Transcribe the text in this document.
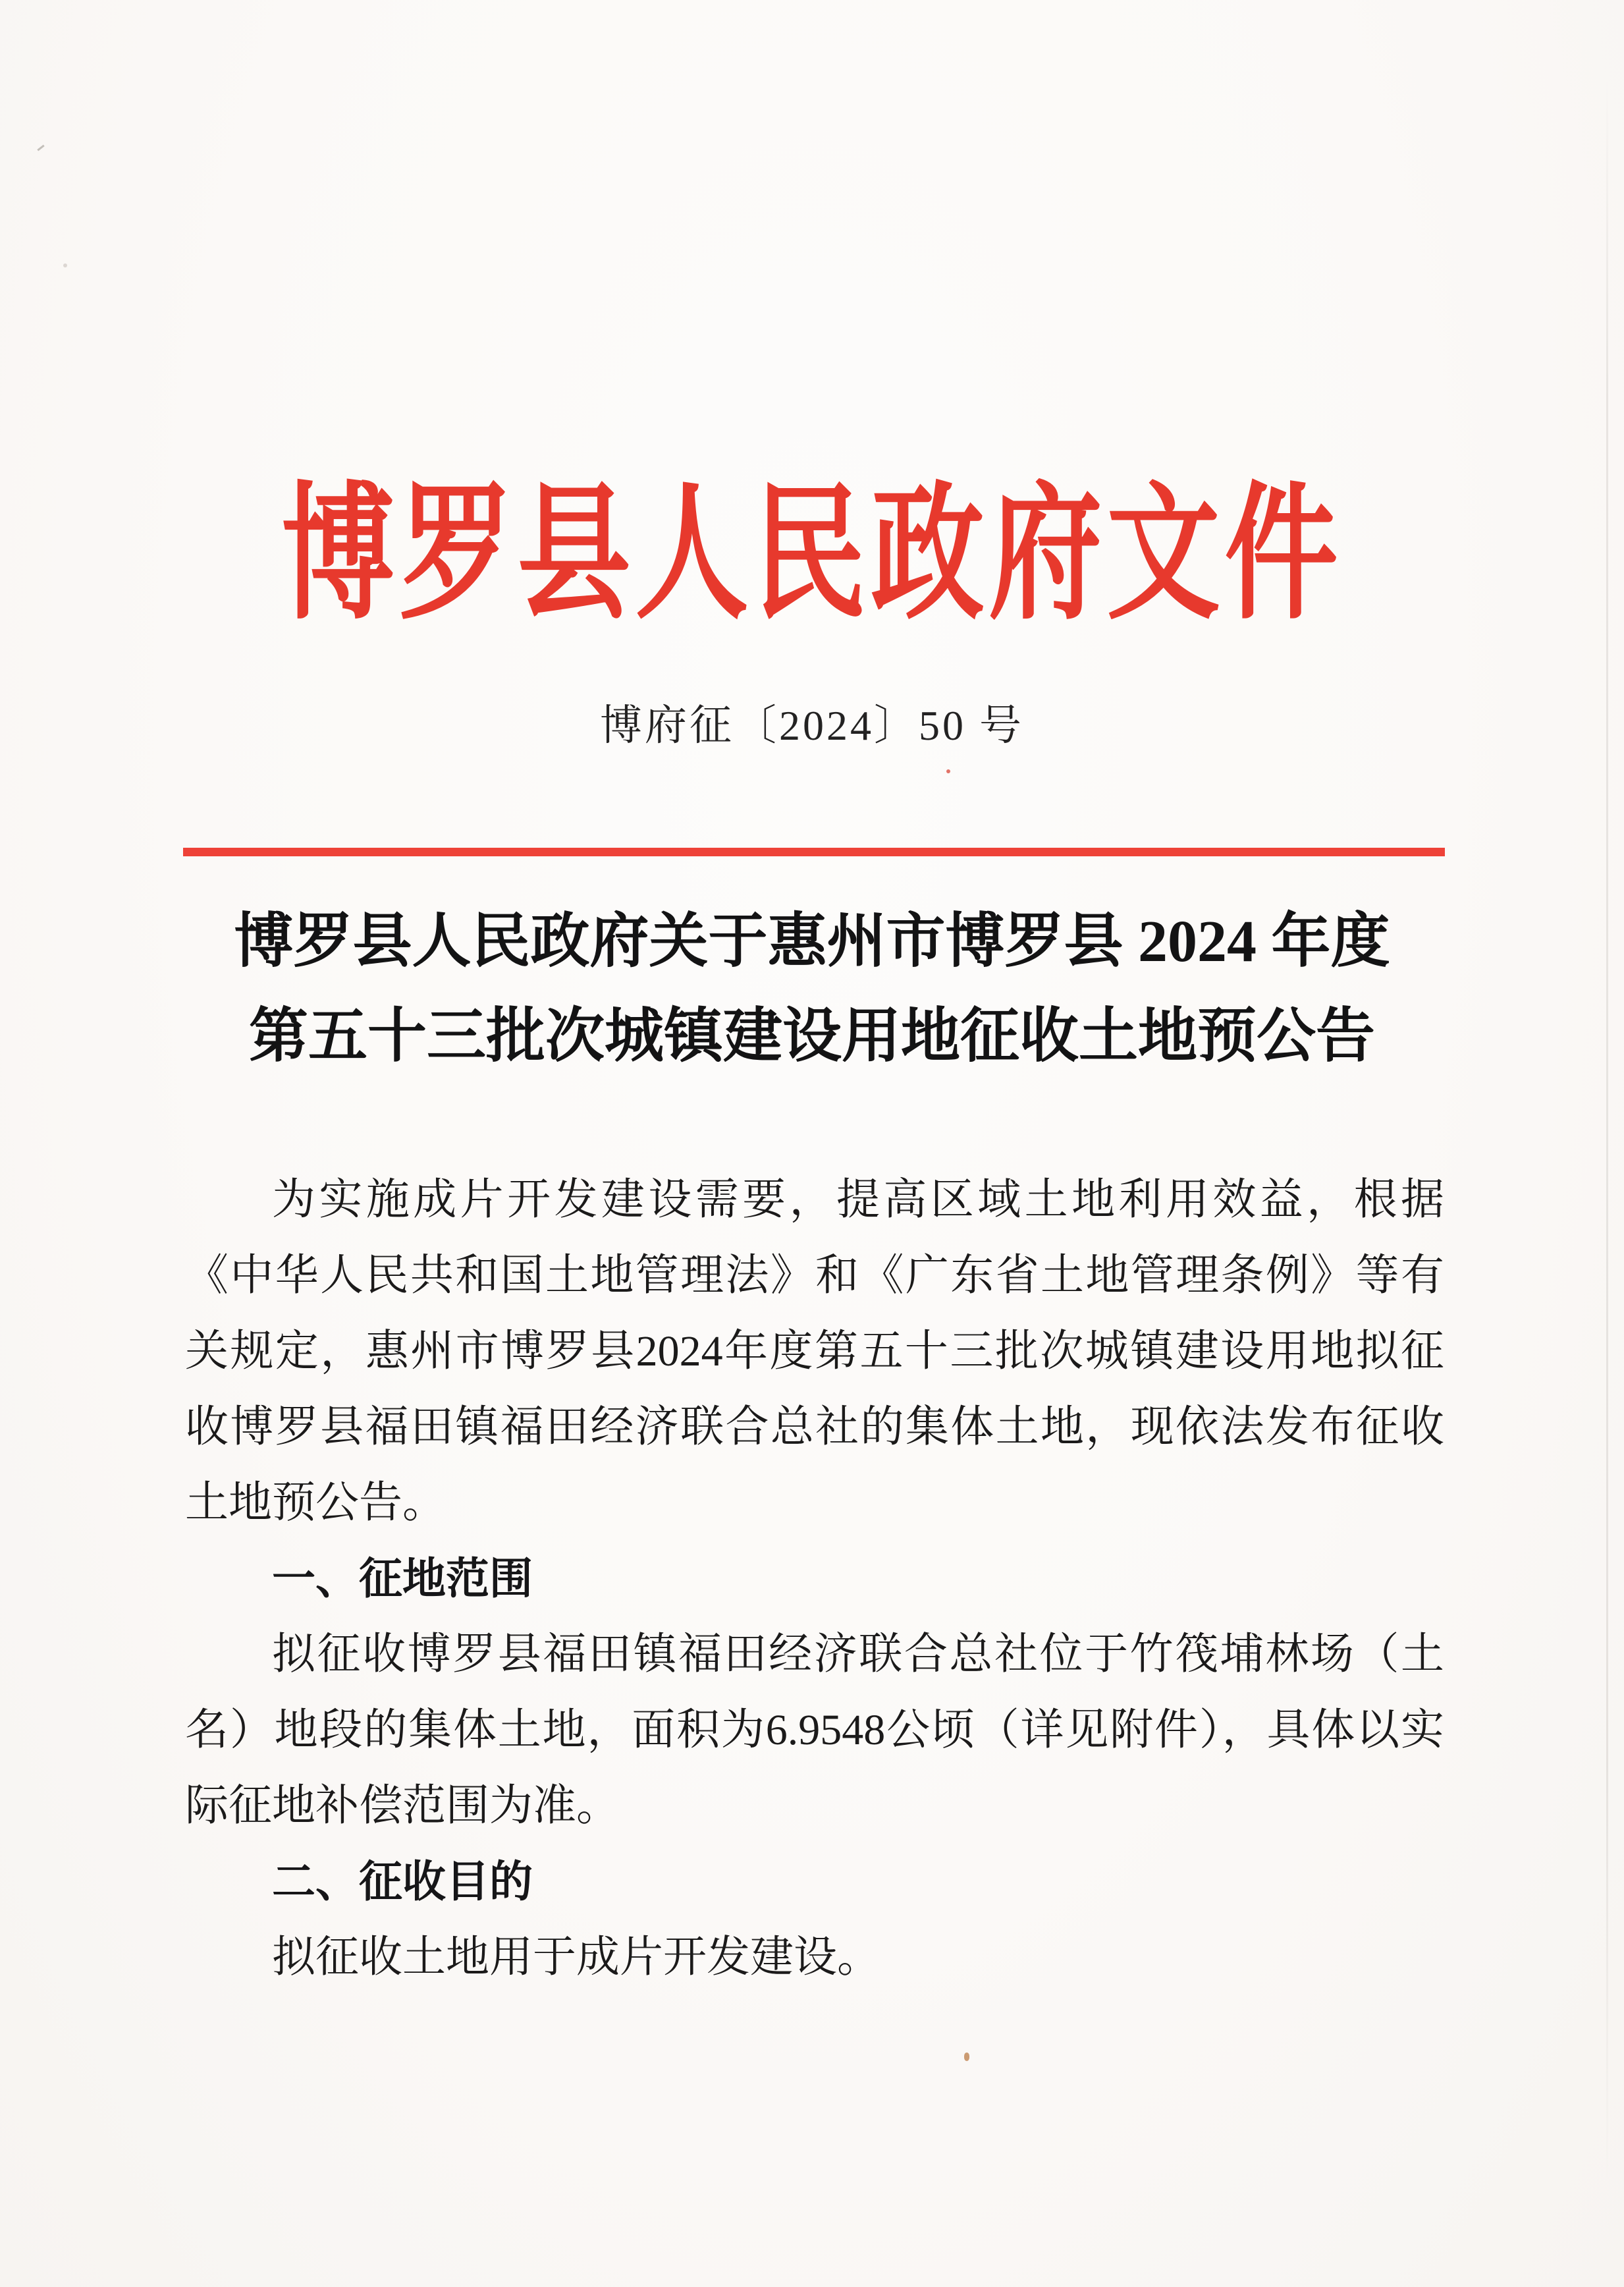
博罗县人民政府文件
博府征〔2024〕50 号
博罗县人民政府关于惠州市博罗县 2024 年度
第五十三批次城镇建设用地征收土地预公告

为实施成片开发建设需要，提高区域土地利用效益，根据《中华人民共和国土地管理法》和《广东省土地管理条例》等有关规定，惠州市博罗县2024年度第五十三批次城镇建设用地拟征收博罗县福田镇福田经济联合总社的集体土地，现依法发布征收土地预公告。

一、征地范围

拟征收博罗县福田镇福田经济联合总社位于竹筏埔林场（土名）地段的集体土地，面积为6.9548公顷（详见附件），具体以实际征地补偿范围为准。

二、征收目的

拟征收土地用于成片开发建设。
